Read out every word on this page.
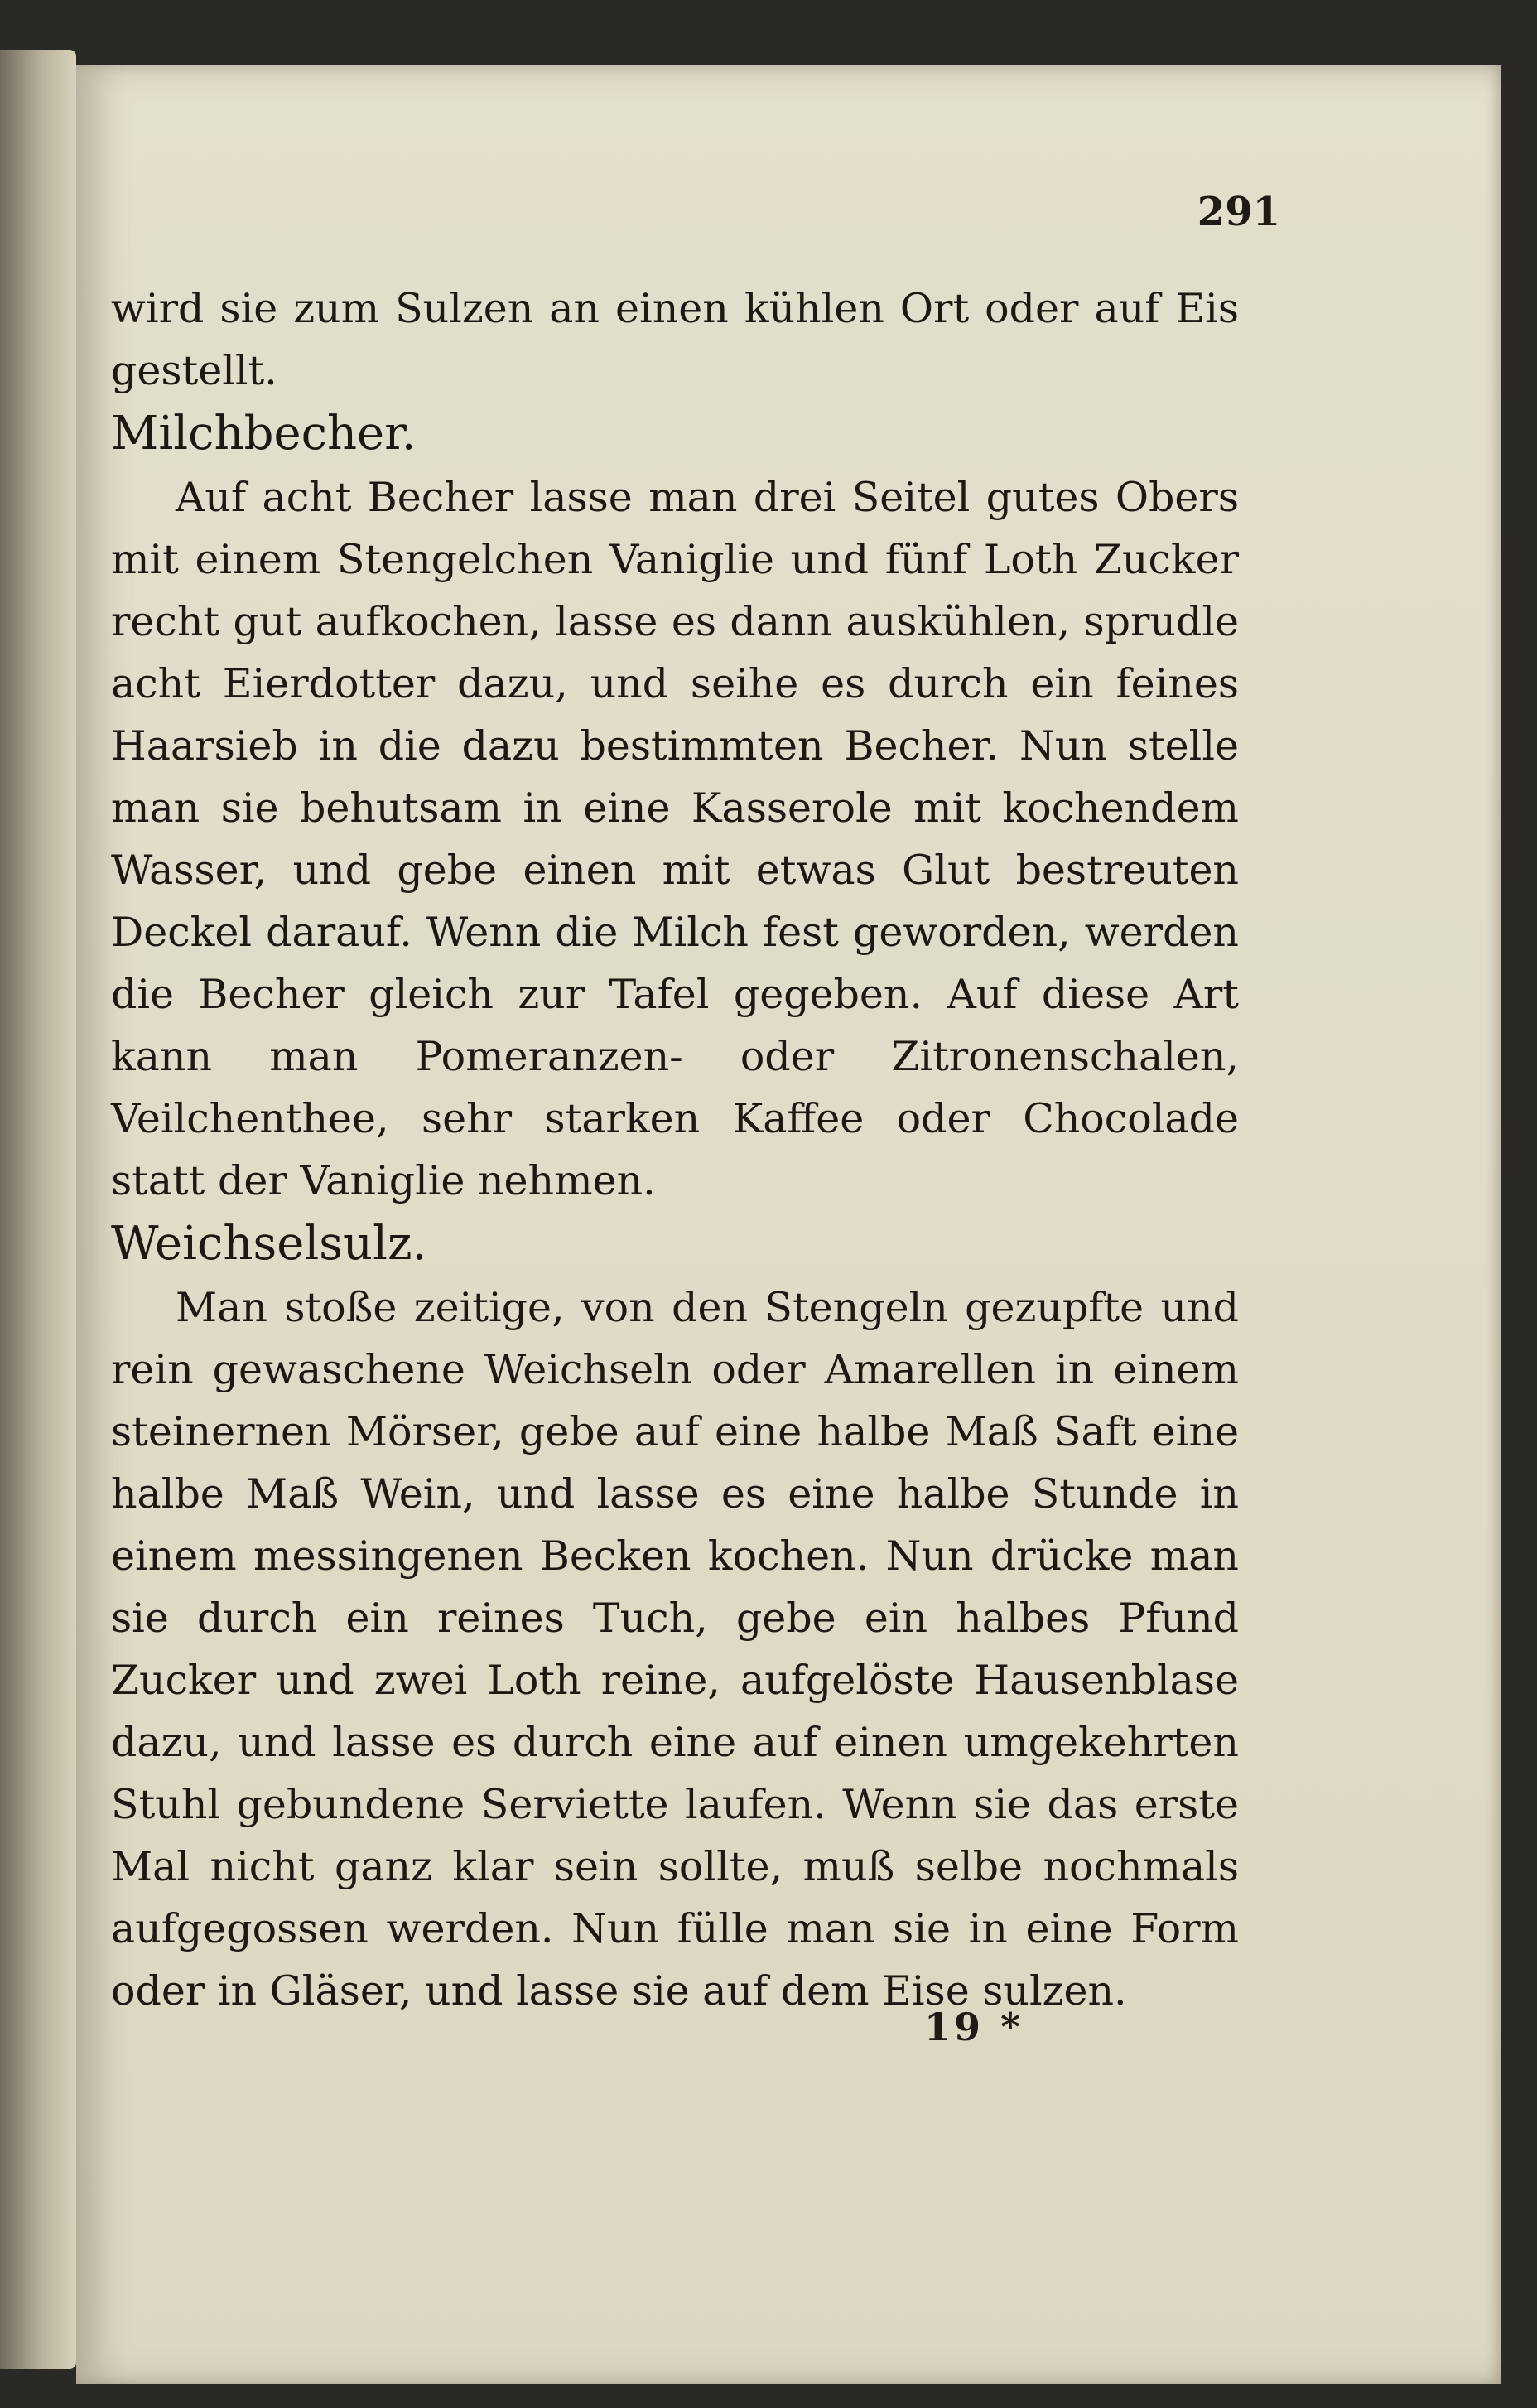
291

wird sie zum Sulzen an einen kühlen Ort oder auf Eis gestellt.

Milchbecher.

Auf acht Becher lasse man drei Seitel gutes Obers mit einem Stengelchen Vaniglie und fünf Loth Zucker recht gut aufkochen, lasse es dann auskühlen, sprudle acht Eierdotter dazu, und seihe es durch ein feines Haarsieb in die dazu bestimmten Becher. Nun stelle man sie behutsam in eine Kasserole mit kochendem Wasser, und gebe einen mit etwas Glut bestreuten Deckel darauf. Wenn die Milch fest geworden, werden die Becher gleich zur Tafel gegeben. Auf diese Art kann man Pomeranzen- oder Zitronenschalen, Veilchenthee, sehr starken Kaffee oder Chocolade statt der Vaniglie nehmen.

Weichselsulz.

Man stoße zeitige, von den Stengeln gezupfte und rein gewaschene Weichseln oder Amarellen in einem steinernen Mörser, gebe auf eine halbe Maß Saft eine halbe Maß Wein, und lasse es eine halbe Stunde in einem messingenen Becken kochen. Nun drücke man sie durch ein reines Tuch, gebe ein halbes Pfund Zucker und zwei Loth reine, aufgelöste Hausenblase dazu, und lasse es durch eine auf einen umgekehrten Stuhl gebundene Serviette laufen. Wenn sie das erste Mal nicht ganz klar sein sollte, muß selbe nochmals aufgegossen werden. Nun fülle man sie in eine Form oder in Gläser, und lasse sie auf dem Eise sulzen.

19 *
